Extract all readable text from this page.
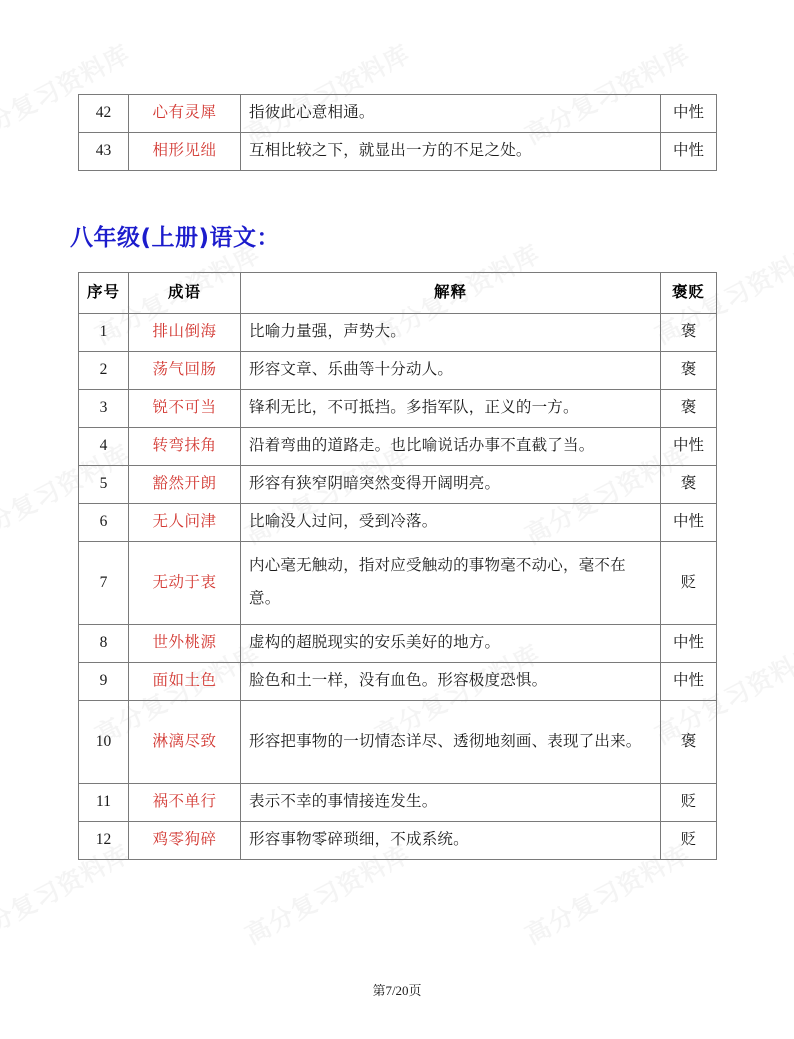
42	心有灵犀	指彼此心意相通。	中性
43	相形见绌	互相比较之下，就显出一方的不足之处。	中性
八年级(上册)语文：
序号	成语	解释	褒贬
1	排山倒海	比喻力量强，声势大。	褒
2	荡气回肠	形容文章、乐曲等十分动人。	褒
3	锐不可当	锋利无比，不可抵挡。多指军队，正义的一方。	褒
4	转弯抹角	沿着弯曲的道路走。也比喻说话办事不直截了当。	中性
5	豁然开朗	形容有狭窄阴暗突然变得开阔明亮。	褒
6	无人问津	比喻没人过问，受到冷落。	中性
7	无动于衷	内心毫无触动，指对应受触动的事物毫不动心，毫不在意。	贬
8	世外桃源	虚构的超脱现实的安乐美好的地方。	中性
9	面如土色	脸色和土一样，没有血色。形容极度恐惧。	中性
10	淋漓尽致	形容把事物的一切情态详尽、透彻地刻画、表现了出来。	褒
11	祸不单行	表示不幸的事情接连发生。	贬
12	鸡零狗碎	形容事物零碎琐细，不成系统。	贬
第7/20页
